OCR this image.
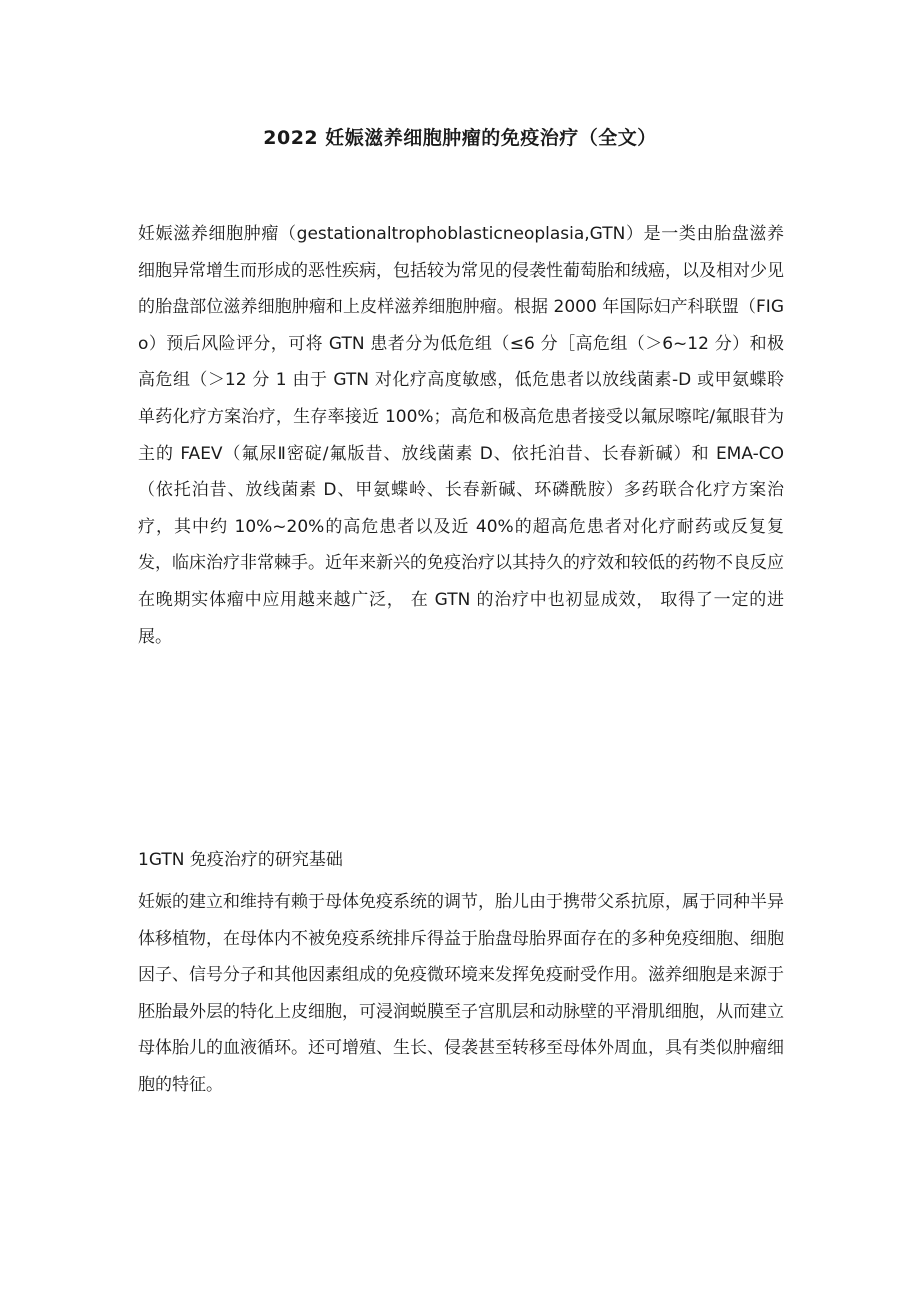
2022 妊娠滋养细胞肿瘤的免疫治疗（全文）

妊娠滋养细胞肿瘤（gestationaltrophoblasticneoplasia,GTN）是一类由胎盘滋养细胞异常增生而形成的恶性疾病，包括较为常见的侵袭性葡萄胎和绒癌，以及相对少见的胎盘部位滋养细胞肿瘤和上皮样滋养细胞肿瘤。根据 2000 年国际妇产科联盟（FIGo）预后风险评分，可将 GTN 患者分为低危组（≤6 分［高危组（＞6~12 分）和极高危组（＞12 分 1 由于 GTN 对化疗高度敏感，低危患者以放线菌素-D 或甲氨蝶聆单药化疗方案治疗，生存率接近 100%；高危和极高危患者接受以氟尿嚓咤/氟眼苷为主的 FAEV（氟尿Ⅱ密碇/氟版昔、放线菌素 D、依托泊昔、长春新碱）和 EMA-CO（依托泊昔、放线菌素 D、甲氨蝶岭、长春新碱、环磷酰胺）多药联合化疗方案治疗，其中约 10%~20%的高危患者以及近 40%的超高危患者对化疗耐药或反复复发，临床治疗非常棘手。近年来新兴的免疫治疗以其持久的疗效和较低的药物不良反应在晚期实体瘤中应用越来越广泛， 在 GTN 的治疗中也初显成效， 取得了一定的进展。

1GTN 免疫治疗的研究基础

妊娠的建立和维持有赖于母体免疫系统的调节，胎儿由于携带父系抗原，属于同种半异体移植物，在母体内不被免疫系统排斥得益于胎盘母胎界面存在的多种免疫细胞、细胞因子、信号分子和其他因素组成的免疫微环境来发挥免疫耐受作用。滋养细胞是来源于胚胎最外层的特化上皮细胞，可浸润蜕膜至子宫肌层和动脉壁的平滑肌细胞，从而建立母体胎儿的血液循环。还可增殖、生长、侵袭甚至转移至母体外周血，具有类似肿瘤细胞的特征。
